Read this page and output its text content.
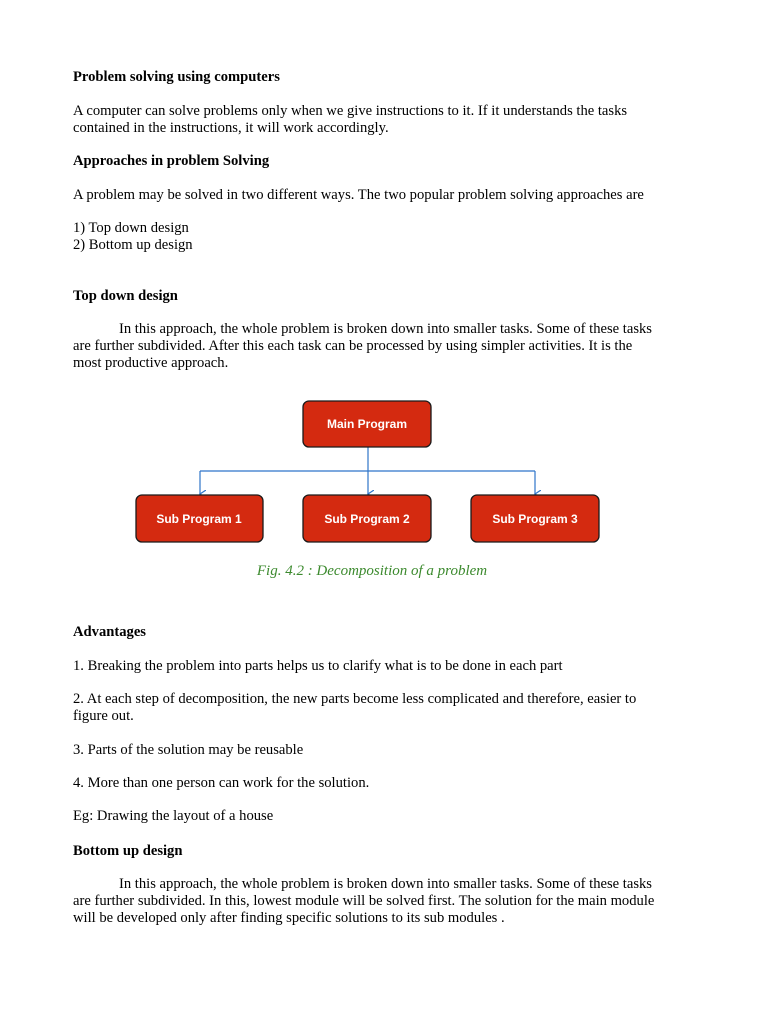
Problem solving using computers
A computer can solve problems only when we give instructions to it. If it understands the tasks
contained in the instructions, it will work accordingly.
Approaches in problem Solving
A problem may be solved in two different ways. The two popular problem solving approaches are
1) Top down design
2) Bottom up design
Top down design
In this approach, the whole problem is broken down into smaller tasks. Some of these tasks
are further subdivided. After this each task can be processed by using simpler activities. It is the
most productive approach.
Main Program
Sub Program 1	Sub Program 2	Sub Program 3
Fig. 4.2 : Decomposition of a problem
Advantages
1. Breaking the problem into parts helps us to clarify what is to be done in each part
2. At each step of decomposition, the new parts become less complicated and therefore, easier to
figure out.
3. Parts of the solution may be reusable
4. More than one person can work for the solution.
Eg: Drawing the layout of a house
Bottom up design
In this approach, the whole problem is broken down into smaller tasks. Some of these tasks
are further subdivided. In this, lowest module will be solved first. The solution for the main module
will be developed only after finding specific solutions to its sub modules .
